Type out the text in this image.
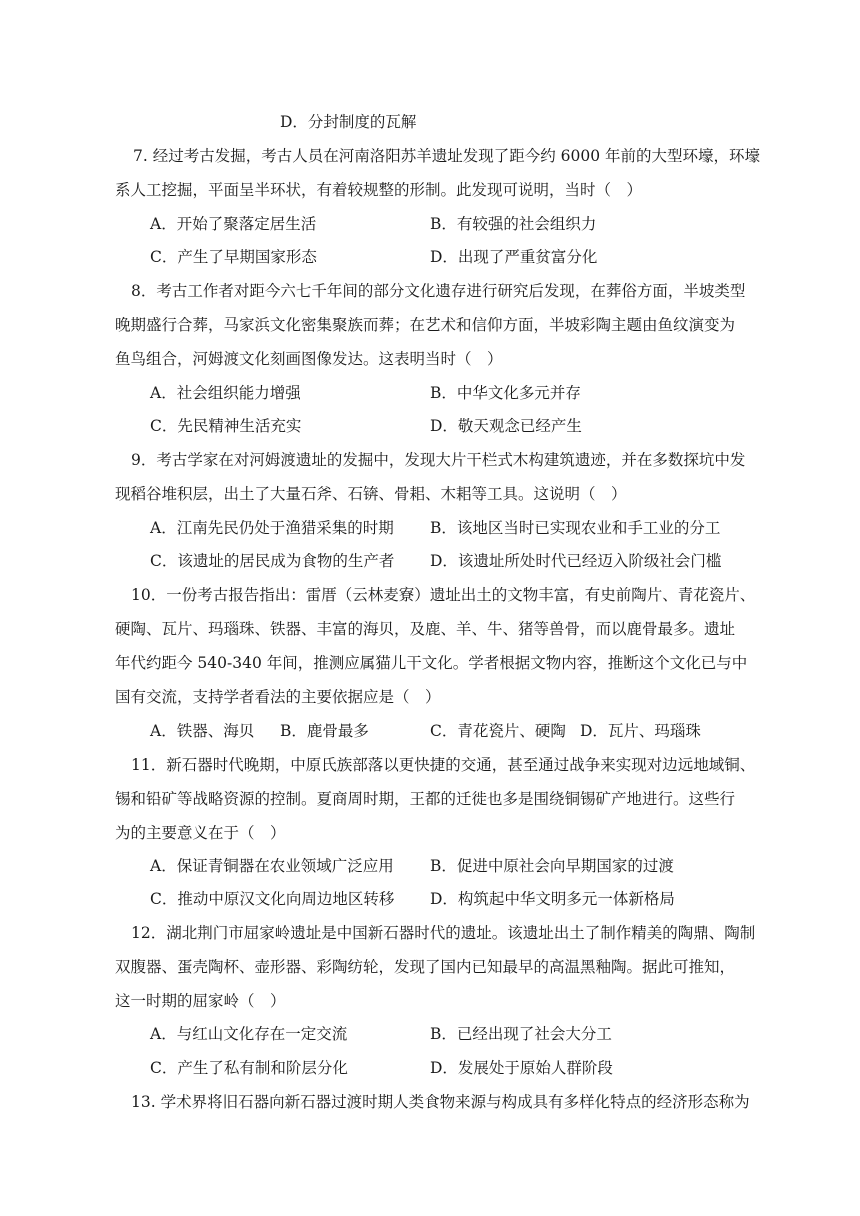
D．分封制度的瓦解
7. 经过考古发掘，考古人员在河南洛阳苏羊遗址发现了距今约 6000 年前的大型环壕，环壕
系人工挖掘，平面呈半环状，有着较规整的形制。此发现可说明，当时（　）
A．开始了聚落定居生活	B．有较强的社会组织力
C．产生了早期国家形态	D．出现了严重贫富分化
8．考古工作者对距今六七千年间的部分文化遗存进行研究后发现，在葬俗方面，半坡类型
晚期盛行合葬，马家浜文化密集聚族而葬；在艺术和信仰方面，半坡彩陶主题由鱼纹演变为
鱼鸟组合，河姆渡文化刻画图像发达。这表明当时（　）
A．社会组织能力增强	B．中华文化多元并存
C．先民精神生活充实	D．敬天观念已经产生
9．考古学家在对河姆渡遗址的发掘中，发现大片干栏式木构建筑遗迹，并在多数探坑中发
现稻谷堆积层，出土了大量石斧、石锛、骨耜、木耜等工具。这说明（　）
A．江南先民仍处于渔猎采集的时期 B．该地区当时已实现农业和手工业的分工
C．该遗址的居民成为食物的生产者 D．该遗址所处时代已经迈入阶级社会门槛
10．一份考古报告指出：雷厝（云林麦寮）遗址出土的文物丰富，有史前陶片、青花瓷片、
硬陶、瓦片、玛瑙珠、铁器、丰富的海贝，及鹿、羊、牛、猪等兽骨，而以鹿骨最多。遗址
年代约距今 540-340 年间，推测应属猫儿干文化。学者根据文物内容，推断这个文化已与中
国有交流，支持学者看法的主要依据应是（　）
A．铁器、海贝 B．鹿骨最多	C．青花瓷片、硬陶 D．瓦片、玛瑙珠
11．新石器时代晚期，中原氏族部落以更快捷的交通，甚至通过战争来实现对边远地域铜、
锡和铅矿等战略资源的控制。夏商周时期，王都的迁徙也多是围绕铜锡矿产地进行。这些行
为的主要意义在于（　）
A．保证青铜器在农业领域广泛应用 B．促进中原社会向早期国家的过渡
C．推动中原汉文化向周边地区转移 D．构筑起中华文明多元一体新格局
12．湖北荆门市屈家岭遗址是中国新石器时代的遗址。该遗址出土了制作精美的陶鼎、陶制
双腹器、蛋壳陶杯、壶形器、彩陶纺轮，发现了国内已知最早的高温黑釉陶。据此可推知，
这一时期的屈家岭（　）
A．与红山文化存在一定交流	B．已经出现了社会大分工
C．产生了私有制和阶层分化	D．发展处于原始人群阶段
13. 学术界将旧石器向新石器过渡时期人类食物来源与构成具有多样化特点的经济形态称为
